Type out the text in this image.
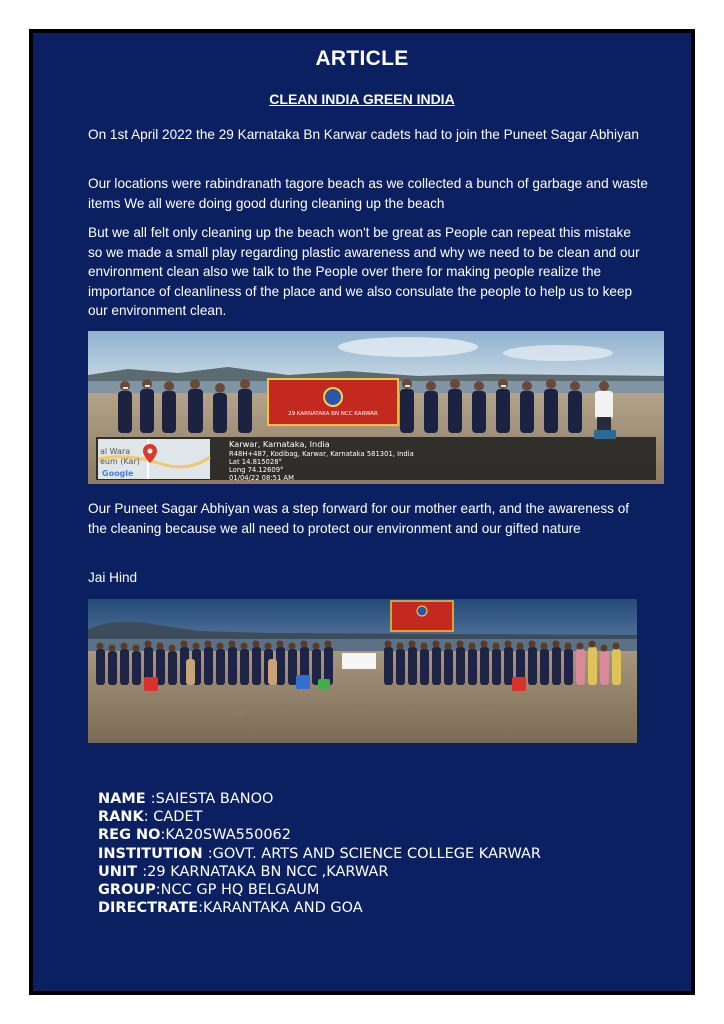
ARTICLE
CLEAN INDIA GREEN INDIA

On 1st April 2022 the 29 Karnataka Bn Karwar cadets had to join the Puneet Sagar Abhiyan

Our locations were rabindranath tagore beach as we collected a bunch of garbage and waste items We all were doing good during cleaning up the beach

But we all felt only cleaning up the beach won't be great as People can repeat this mistake so we made a small play regarding plastic awareness and why we need to be clean and our environment clean also we talk to the People over there for making people realize the importance of cleanliness of the place and we also consulate the people to help us to keep our environment clean.

29 KARNATAKA BN NCC KARWAR
al Wara
eum (Kar)
Google
Karwar, Karnataka, India
R48H+487, Kodibag, Karwar, Karnataka 581301, India
Lat 14.815028°
Long 74.12609°
01/04/22 08:51 AM

Our Puneet Sagar Abhiyan was a step forward for our mother earth, and the awareness of the cleaning because we all need to protect our environment and our gifted nature

Jai Hind

NAME :SAIESTA BANOO
RANK: CADET
REG NO:KA20SWA550062
INSTITUTION :GOVT. ARTS AND SCIENCE COLLEGE KARWAR
UNIT :29 KARNATAKA BN NCC ,KARWAR
GROUP:NCC GP HQ BELGAUM
DIRECTRATE:KARANTAKA AND GOA
